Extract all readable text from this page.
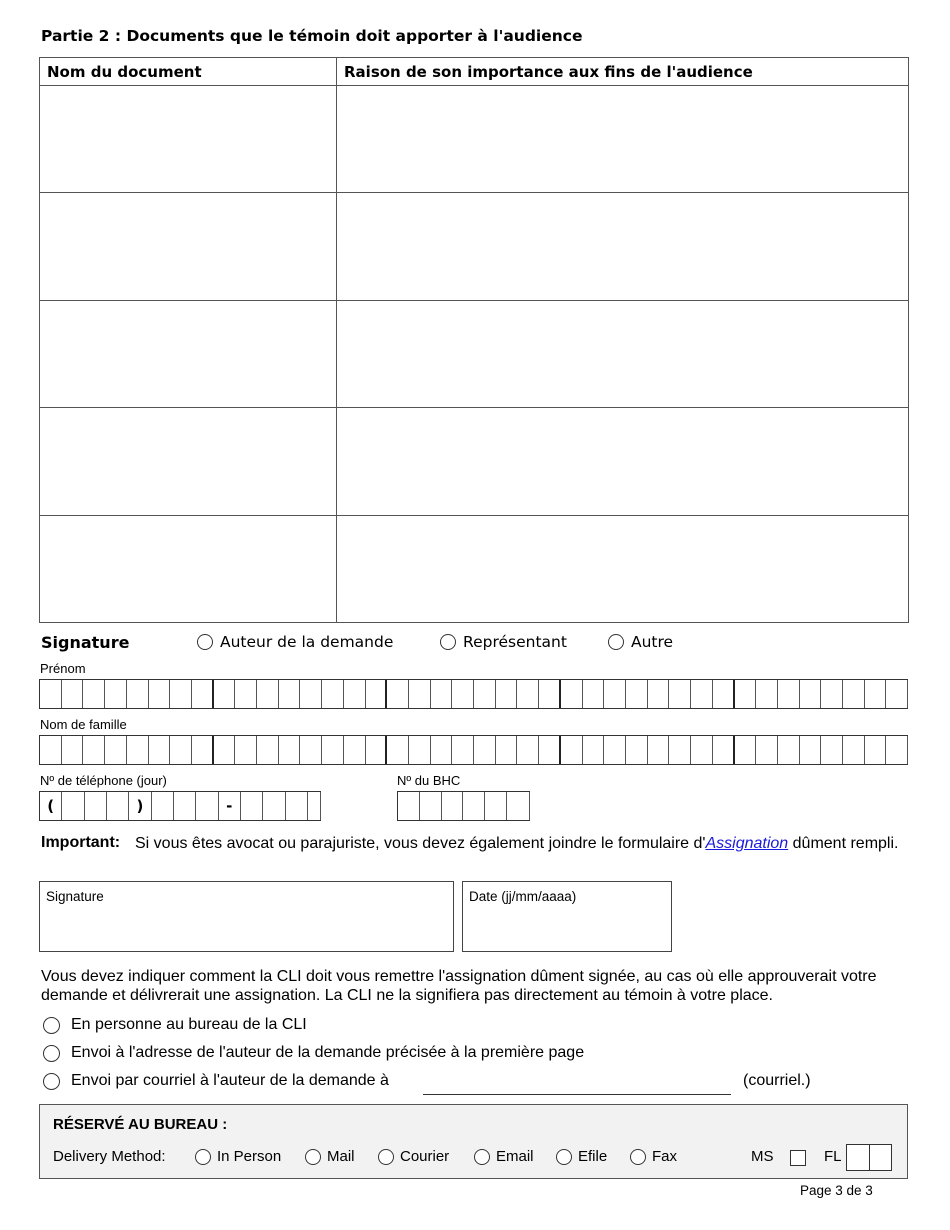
Partie 2 : Documents que le témoin doit apporter à l'audience
Nom du document	Raison de son importance aux fins de l'audience

Signature	Auteur de la demande	Représentant	Autre
Prénom
Nom de famille
Nº de téléphone (jour)
(	)	-
Nº du BHC
Important: Si vous êtes avocat ou parajuriste, vous devez également joindre le formulaire d'Assignation dûment rempli.
Signature	Date (jj/mm/aaaa)
Vous devez indiquer comment la CLI doit vous remettre l'assignation dûment signée, au cas où elle approuverait votre demande et délivrerait une assignation. La CLI ne la signifiera pas directement au témoin à votre place.
En personne au bureau de la CLI
Envoi à l'adresse de l'auteur de la demande précisée à la première page
Envoi par courriel à l'auteur de la demande à	(courriel.)
RÉSERVÉ AU BUREAU :
Delivery Method:	In Person	Mail	Courier	Email	Efile	Fax	MS	FL
Page 3 de 3
